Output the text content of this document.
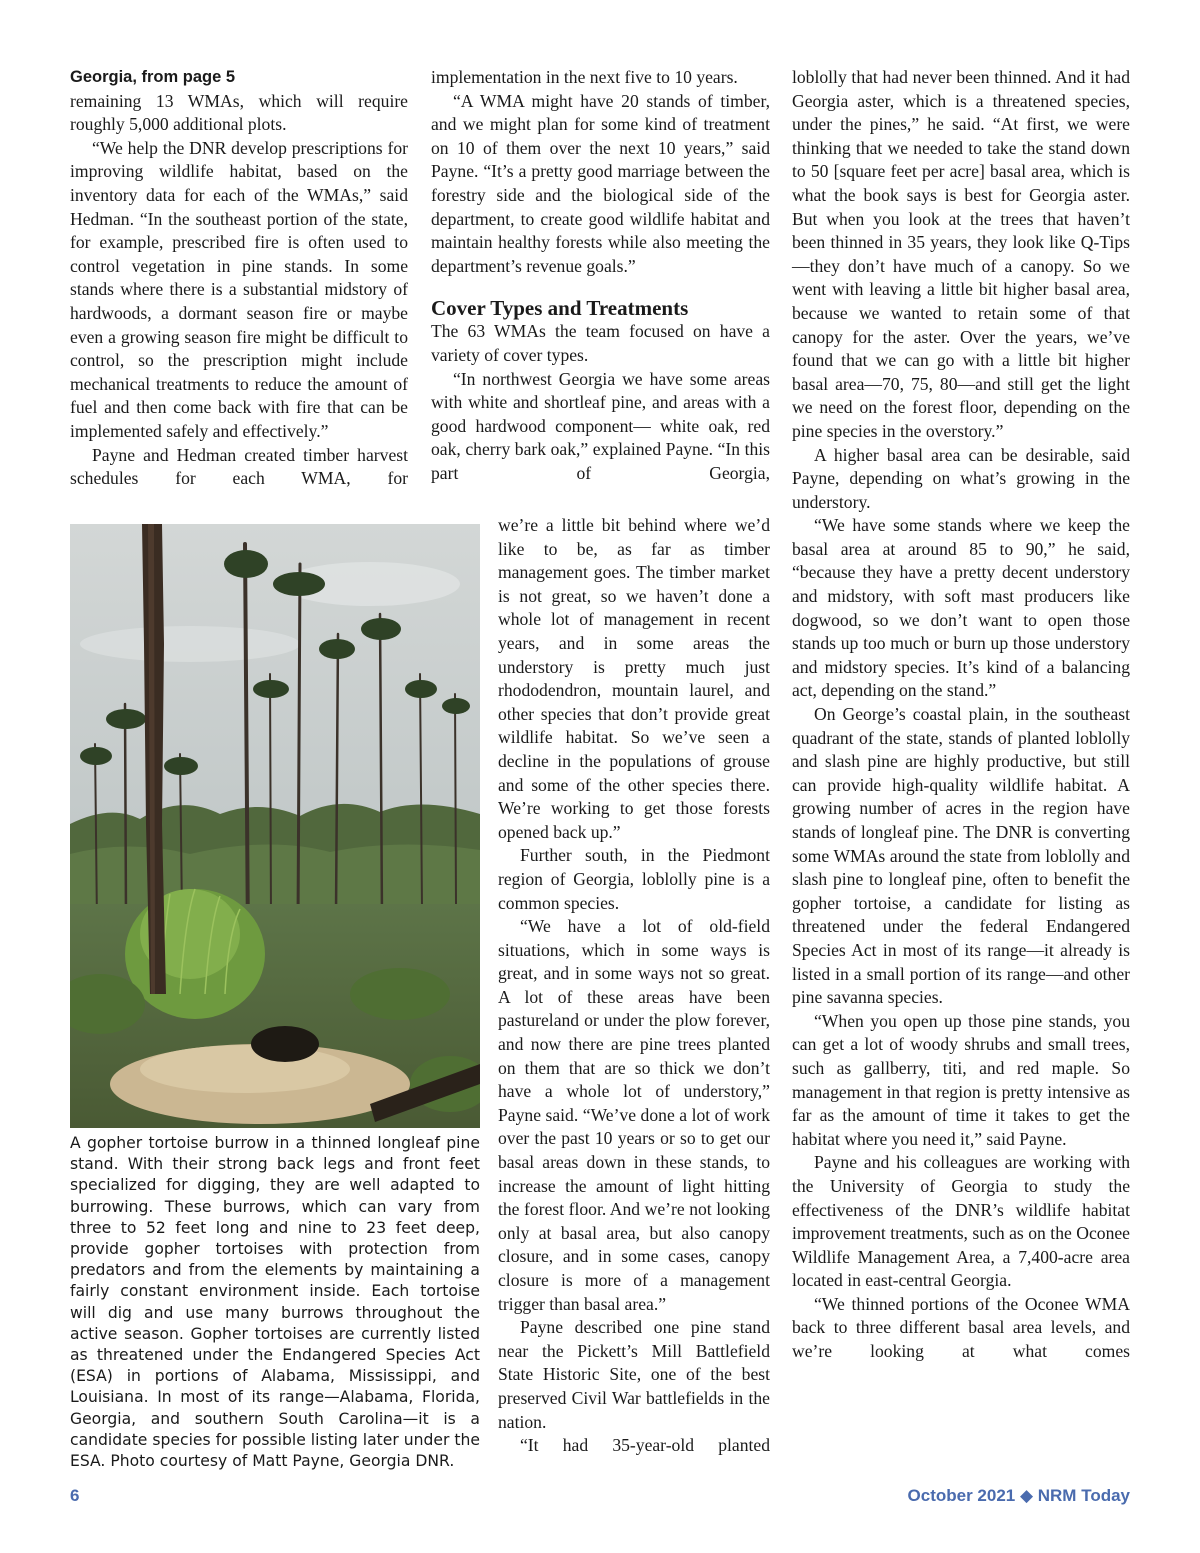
Georgia, from page 5

remaining 13 WMAs, which will require roughly 5,000 additional plots.

“We help the DNR develop prescriptions for improving wildlife habitat, based on the inventory data for each of the WMAs,” said Hedman. “In the southeast portion of the state, for example, prescribed fire is often used to control vegetation in pine stands. In some stands where there is a substantial midstory of hardwoods, a dormant season fire or maybe even a growing season fire might be difficult to control, so the prescription might include mechanical treatments to reduce the amount of fuel and then come back with fire that can be implemented safely and effectively.”

Payne and Hedman created timber harvest schedules for each WMA, for

implementation in the next five to 10 years.

“A WMA might have 20 stands of timber, and we might plan for some kind of treatment on 10 of them over the next 10 years,” said Payne. “It’s a pretty good marriage between the forestry side and the biological side of the department, to create good wildlife habitat and maintain healthy forests while also meeting the department’s revenue goals.”

Cover Types and Treatments

The 63 WMAs the team focused on have a variety of cover types.

“In northwest Georgia we have some areas with white and shortleaf pine, and areas with a good hardwood component— white oak, red oak, cherry bark oak,” explained Payne. “In this part of Georgia,

we’re a little bit behind where we’d like to be, as far as timber management goes. The timber market is not great, so we haven’t done a whole lot of management in recent years, and in some areas the understory is pretty much just rhododendron, mountain laurel, and other species that don’t provide great wildlife habitat. So we’ve seen a decline in the populations of grouse and some of the other species there. We’re working to get those forests opened back up.”

Further south, in the Piedmont region of Georgia, loblolly pine is a common species.

“We have a lot of old-field situations, which in some ways is great, and in some ways not so great. A lot of these areas have been pastureland or under the plow forever, and now there are pine trees planted on them that are so thick we don’t have a whole lot of understory,” Payne said. “We’ve done a lot of work over the past 10 years or so to get our basal areas down in these stands, to increase the amount of light hitting the forest floor. And we’re not looking only at basal area, but also canopy closure, and in some cases, canopy closure is more of a management trigger than basal area.”

Payne described one pine stand near the Pickett’s Mill Battlefield State Historic Site, one of the best preserved Civil War battlefields in the nation.

“It had 35-year-old planted

loblolly that had never been thinned. And it had Georgia aster, which is a threatened species, under the pines,” he said. “At first, we were thinking that we needed to take the stand down to 50 [square feet per acre] basal area, which is what the book says is best for Georgia aster. But when you look at the trees that haven’t been thinned in 35 years, they look like Q-Tips—they don’t have much of a canopy. So we went with leaving a little bit higher basal area, because we wanted to retain some of that canopy for the aster. Over the years, we’ve found that we can go with a little bit higher basal area—70, 75, 80—and still get the light we need on the forest floor, depending on the pine species in the overstory.”

A higher basal area can be desirable, said Payne, depending on what’s growing in the understory.

“We have some stands where we keep the basal area at around 85 to 90,” he said, “because they have a pretty decent understory and midstory, with soft mast producers like dogwood, so we don’t want to open those stands up too much or burn up those understory and midstory species. It’s kind of a balancing act, depending on the stand.”

On George’s coastal plain, in the southeast quadrant of the state, stands of planted loblolly and slash pine are highly productive, but still can provide high-quality wildlife habitat. A growing number of acres in the region have stands of longleaf pine. The DNR is converting some WMAs around the state from loblolly and slash pine to longleaf pine, often to benefit the gopher tortoise, a candidate for listing as threatened under the federal Endangered Species Act in most of its range—it already is listed in a small portion of its range—and other pine savanna species.

“When you open up those pine stands, you can get a lot of woody shrubs and small trees, such as gallberry, titi, and red maple. So management in that region is pretty intensive as far as the amount of time it takes to get the habitat where you need it,” said Payne.

Payne and his colleagues are working with the University of Georgia to study the effectiveness of the DNR’s wildlife habitat improvement treatments, such as on the Oconee Wildlife Management Area, a 7,400-acre area located in east-central Georgia.

“We thinned portions of the Oconee WMA back to three different basal area levels, and we’re looking at what comes

A gopher tortoise burrow in a thinned longleaf pine stand. With their strong back legs and front feet specialized for digging, they are well adapted to burrowing. These burrows, which can vary from three to 52 feet long and nine to 23 feet deep, provide gopher tortoises with protection from predators and from the elements by maintaining a fairly constant environment inside. Each tortoise will dig and use many burrows throughout the active season. Gopher tortoises are currently listed as threatened under the Endangered Species Act (ESA) in portions of Alabama, Mississippi, and Louisiana. In most of its range—Alabama, Florida, Georgia, and southern South Carolina—it is a candidate species for possible listing later under the ESA. Photo courtesy of Matt Payne, Georgia DNR.

6	October 2021 ◆ NRM Today
